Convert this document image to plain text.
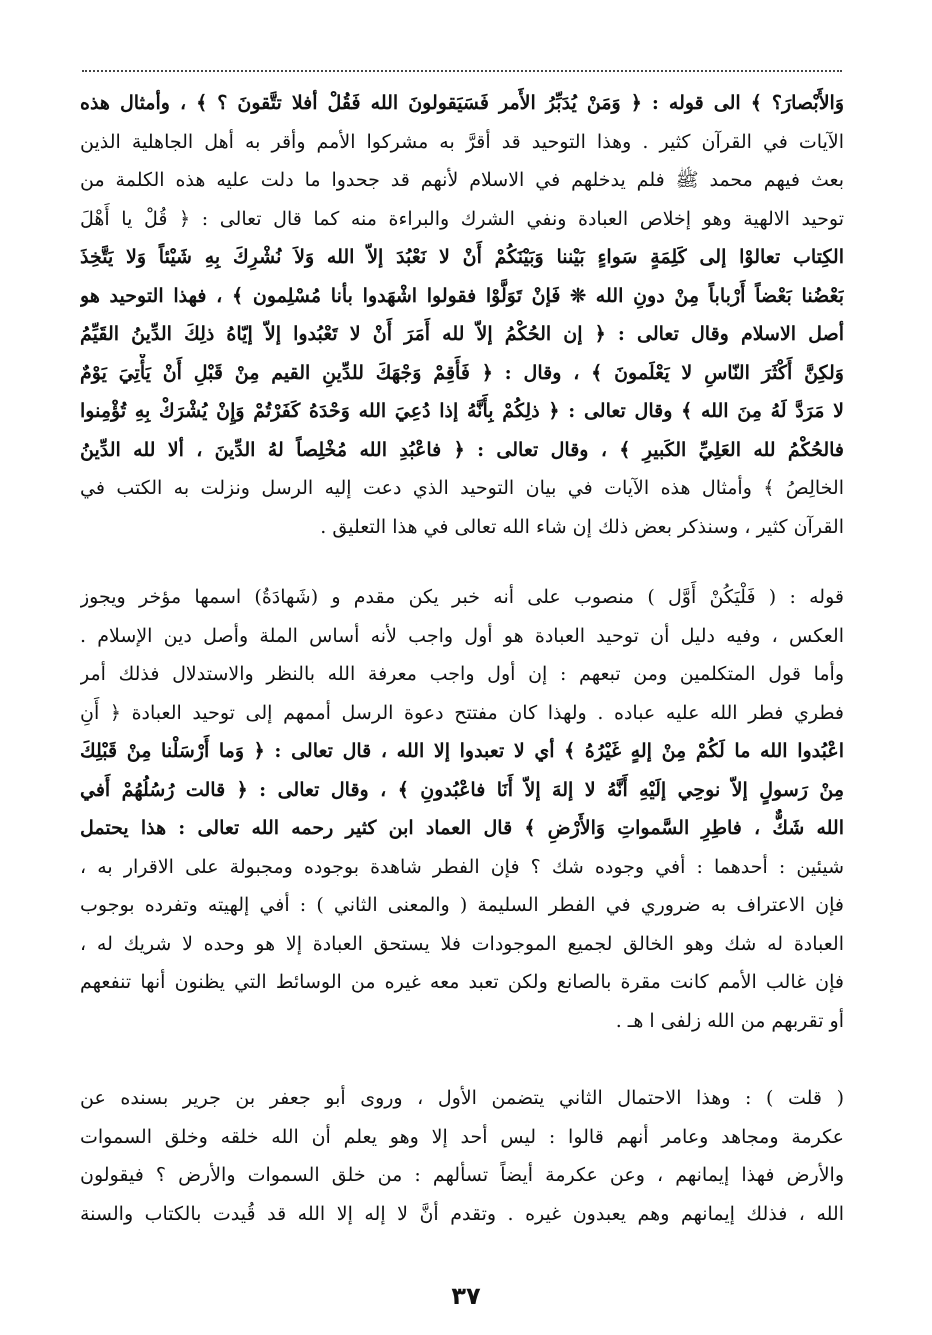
وَالأَبْصارَ؟ ﴾ الى قوله : ﴿ وَمَنْ يُدَبِّرُ الأَمر فَسَيَقولونَ الله فَقُلْ أفلا تتَّقونَ ؟ ﴾ ، وأمثال هذه
الآيات في القرآن كثير . وهذا التوحيد قد أقرَّ به مشركوا الأمم وأقر به أهل الجاهلية الذين
بعث فيهم محمد ﷺ فلم يدخلهم في الاسلام لأنهم قد جحدوا ما دلت عليه هذه الكلمة من
توحيد الالهية وهو إخلاص العبادة ونفي الشرك والبراءة منه كما قال تعالى : ﴿ قُلْ يا أَهْلَ
الكِتاب تعالوْا إلى كَلِمَةٍ سَواءٍ بَيْننا وَبَيْنَكُمْ أَنْ لا نَعْبُدَ إلاّ الله وَلاَ نُشْرِكَ بِهِ شَيْئاً وَلا يَتَّخِذَ
بَعْضُنا بَعْضاً أَرْباباً مِنْ دونِ الله ❊ فَإنْ تَوَلَّوْا فقولوا اشْهَدوا بأنا مُسْلِمون ﴾ ، فهذا التوحيد هو
أصل الاسلام وقال تعالى : ﴿ إن الحُكْمُ إلاّ لله أَمَرَ أَنْ لا تَعْبُدوا إلاّ إيّاهُ ذلِكَ الدِّينُ القَيِّمُ
وَلكِنَّ أَكْثَرَ النّاسِ لا يَعْلَمونَ ﴾ ، وقال : ﴿ فَأَقِمْ وَجْهَكَ للدِّينِ القيم مِنْ قَبْلِ أَنْ يَأْتِيَ يَوْمٌ
لا مَرَدَّ لَهُ مِنَ الله ﴾ وقال تعالى : ﴿ ذلِكُمْ بِأَنَّهُ إذا دُعِيَ الله وَحْدَهُ كَفَرْتُمْ وَإِنْ يُشْرَكْ بِهِ تُؤْمِنوا
فالحُكْمُ لله العَلِيِّ الكَبيرِ ﴾ ، وقال تعالى : ﴿ فاعْبُدِ الله مُخْلِصاً لهُ الدِّينَ ، ألا لله الدِّينُ
الخالِصُ ﴾ وأمثال هذه الآيات في بيان التوحيد الذي دعت إليه الرسل ونزلت به الكتب في
القرآن كثير ، وسنذكر بعض ذلك إن شاء الله تعالى في هذا التعليق .
قوله : ( فَلْيَكُنْ أَوَّل ) منصوب على أنه خبر يكن مقدم و (شَهادَةُ) اسمها مؤخر ويجوز
العكس ، وفيه دليل أن توحيد العبادة هو أول واجب لأنه أساس الملة وأصل دين الإسلام .
وأما قول المتكلمين ومن تبعهم : إن أول واجب معرفة الله بالنظر والاستدلال فذلك أمر
فطري فطر الله عليه عباده . ولهذا كان مفتتح دعوة الرسل أممهم إلى توحيد العبادة ﴿ أَنِ
اعْبُدوا الله ما لَكُمْ مِنْ إلهٍ غَيْرُهُ ﴾ أي لا تعبدوا إلا الله ، قال تعالى : ﴿ وَما أَرْسَلْنا مِنْ قَبْلِكَ
مِنْ رَسولٍ إلاّ نوحِي إلَيْهِ أَنَّهُ لا إلهَ إلاّ أَنَا فاعْبُدونِ ﴾ ، وقال تعالى : ﴿ قالت رُسُلُهُمْ أَفي
الله شَكٌّ ، فاطِرِ السَّمواتِ وَالأَرْضِ ﴾ قال العماد ابن كثير رحمه الله تعالى : هذا يحتمل
شيئين : أحدهما : أفي وجوده شك ؟ فإن الفطر شاهدة بوجوده ومجبولة على الاقرار به ،
فإن الاعتراف به ضروري في الفطر السليمة ( والمعنى الثاني ) : أفي إلهيته وتفرده بوجوب
العبادة له شك وهو الخالق لجميع الموجودات فلا يستحق العبادة إلا هو وحده لا شريك له ،
فإن غالب الأمم كانت مقرة بالصانع ولكن تعبد معه غيره من الوسائط التي يظنون أنها تنفعهم
أو تقربهم من الله زلفى ا هـ .
( قلت ) : وهذا الاحتمال الثاني يتضمن الأول ، وروى أبو جعفر بن جرير بسنده عن
عكرمة ومجاهد وعامر أنهم قالوا : ليس أحد إلا وهو يعلم أن الله خلقه وخلق السموات
والأرض فهذا إيمانهم ، وعن عكرمة أيضاً تسألهم : من خلق السموات والأرض ؟ فيقولون
الله ، فذلك إيمانهم وهم يعبدون غيره . وتقدم أنَّ لا إله إلا الله قد قُيدت بالكتاب والسنة
٣٧
